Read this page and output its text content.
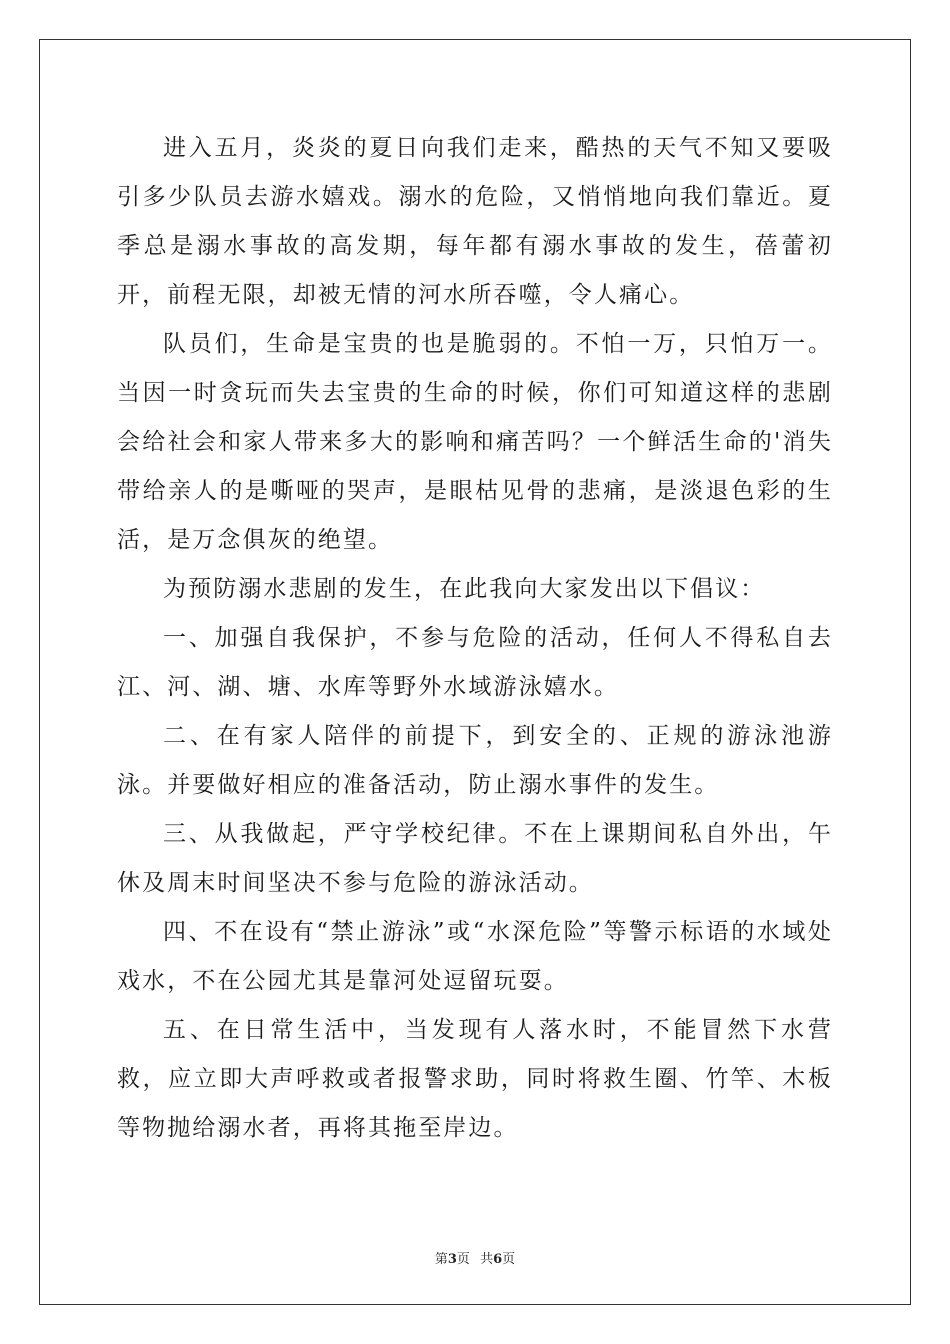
进入五月，炎炎的夏日向我们走来，酷热的天气不知又要吸引多少队员去游水嬉戏。溺水的危险，又悄悄地向我们靠近。夏季总是溺水事故的高发期，每年都有溺水事故的发生，蓓蕾初开，前程无限，却被无情的河水所吞噬，令人痛心。

队员们，生命是宝贵的也是脆弱的。不怕一万，只怕万一。当因一时贪玩而失去宝贵的生命的时候，你们可知道这样的悲剧会给社会和家人带来多大的影响和痛苦吗？一个鲜活生命的'消失带给亲人的是嘶哑的哭声，是眼枯见骨的悲痛，是淡退色彩的生活，是万念俱灰的绝望。

为预防溺水悲剧的发生，在此我向大家发出以下倡议：

一、加强自我保护，不参与危险的活动，任何人不得私自去江、河、湖、塘、水库等野外水域游泳嬉水。

二、在有家人陪伴的前提下，到安全的、正规的游泳池游泳。并要做好相应的准备活动，防止溺水事件的发生。

三、从我做起，严守学校纪律。不在上课期间私自外出，午休及周末时间坚决不参与危险的游泳活动。

四、不在设有“禁止游泳”或“水深危险”等警示标语的水域处戏水，不在公园尤其是靠河处逗留玩耍。

五、在日常生活中，当发现有人落水时，不能冒然下水营救，应立即大声呼救或者报警求助，同时将救生圈、竹竿、木板等物抛给溺水者，再将其拖至岸边。

第3页 共6页
